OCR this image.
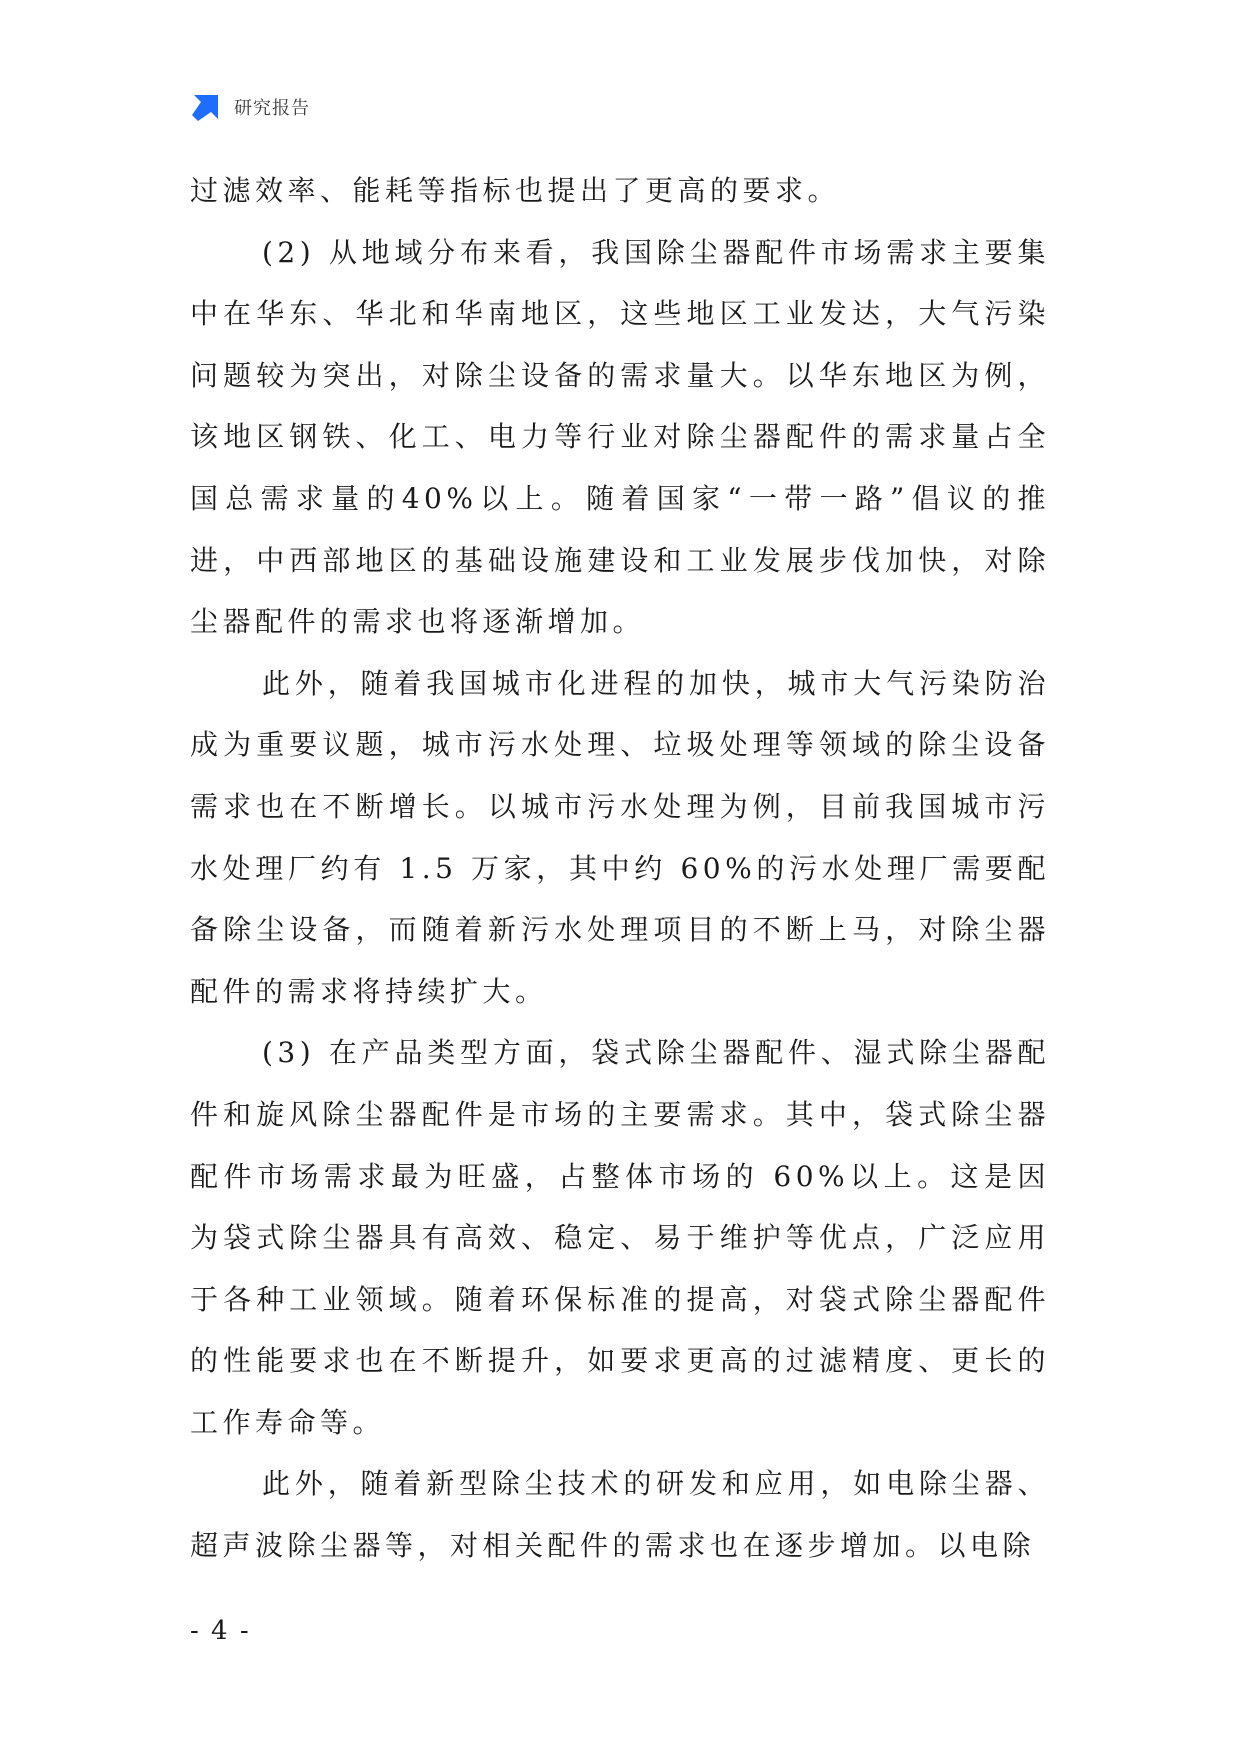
研究报告

过滤效率、能耗等指标也提出了更高的要求。

(2) 从地域分布来看，我国除尘器配件市场需求主要集中在华东、华北和华南地区，这些地区工业发达，大气污染问题较为突出，对除尘设备的需求量大。以华东地区为例，该地区钢铁、化工、电力等行业对除尘器配件的需求量占全国总需求量的40%以上。随着国家“一带一路”倡议的推进，中西部地区的基础设施建设和工业发展步伐加快，对除尘器配件的需求也将逐渐增加。

此外，随着我国城市化进程的加快，城市大气污染防治成为重要议题，城市污水处理、垃圾处理等领域的除尘设备需求也在不断增长。以城市污水处理为例，目前我国城市污水处理厂约有 1.5 万家，其中约 60%的污水处理厂需要配备除尘设备，而随着新污水处理项目的不断上马，对除尘器配件的需求将持续扩大。

(3) 在产品类型方面，袋式除尘器配件、湿式除尘器配件和旋风除尘器配件是市场的主要需求。其中，袋式除尘器配件市场需求最为旺盛，占整体市场的 60%以上。这是因为袋式除尘器具有高效、稳定、易于维护等优点，广泛应用于各种工业领域。随着环保标准的提高，对袋式除尘器配件的性能要求也在不断提升，如要求更高的过滤精度、更长的工作寿命等。

此外，随着新型除尘技术的研发和应用，如电除尘器、超声波除尘器等，对相关配件的需求也在逐步增加。以电除

- 4 -
